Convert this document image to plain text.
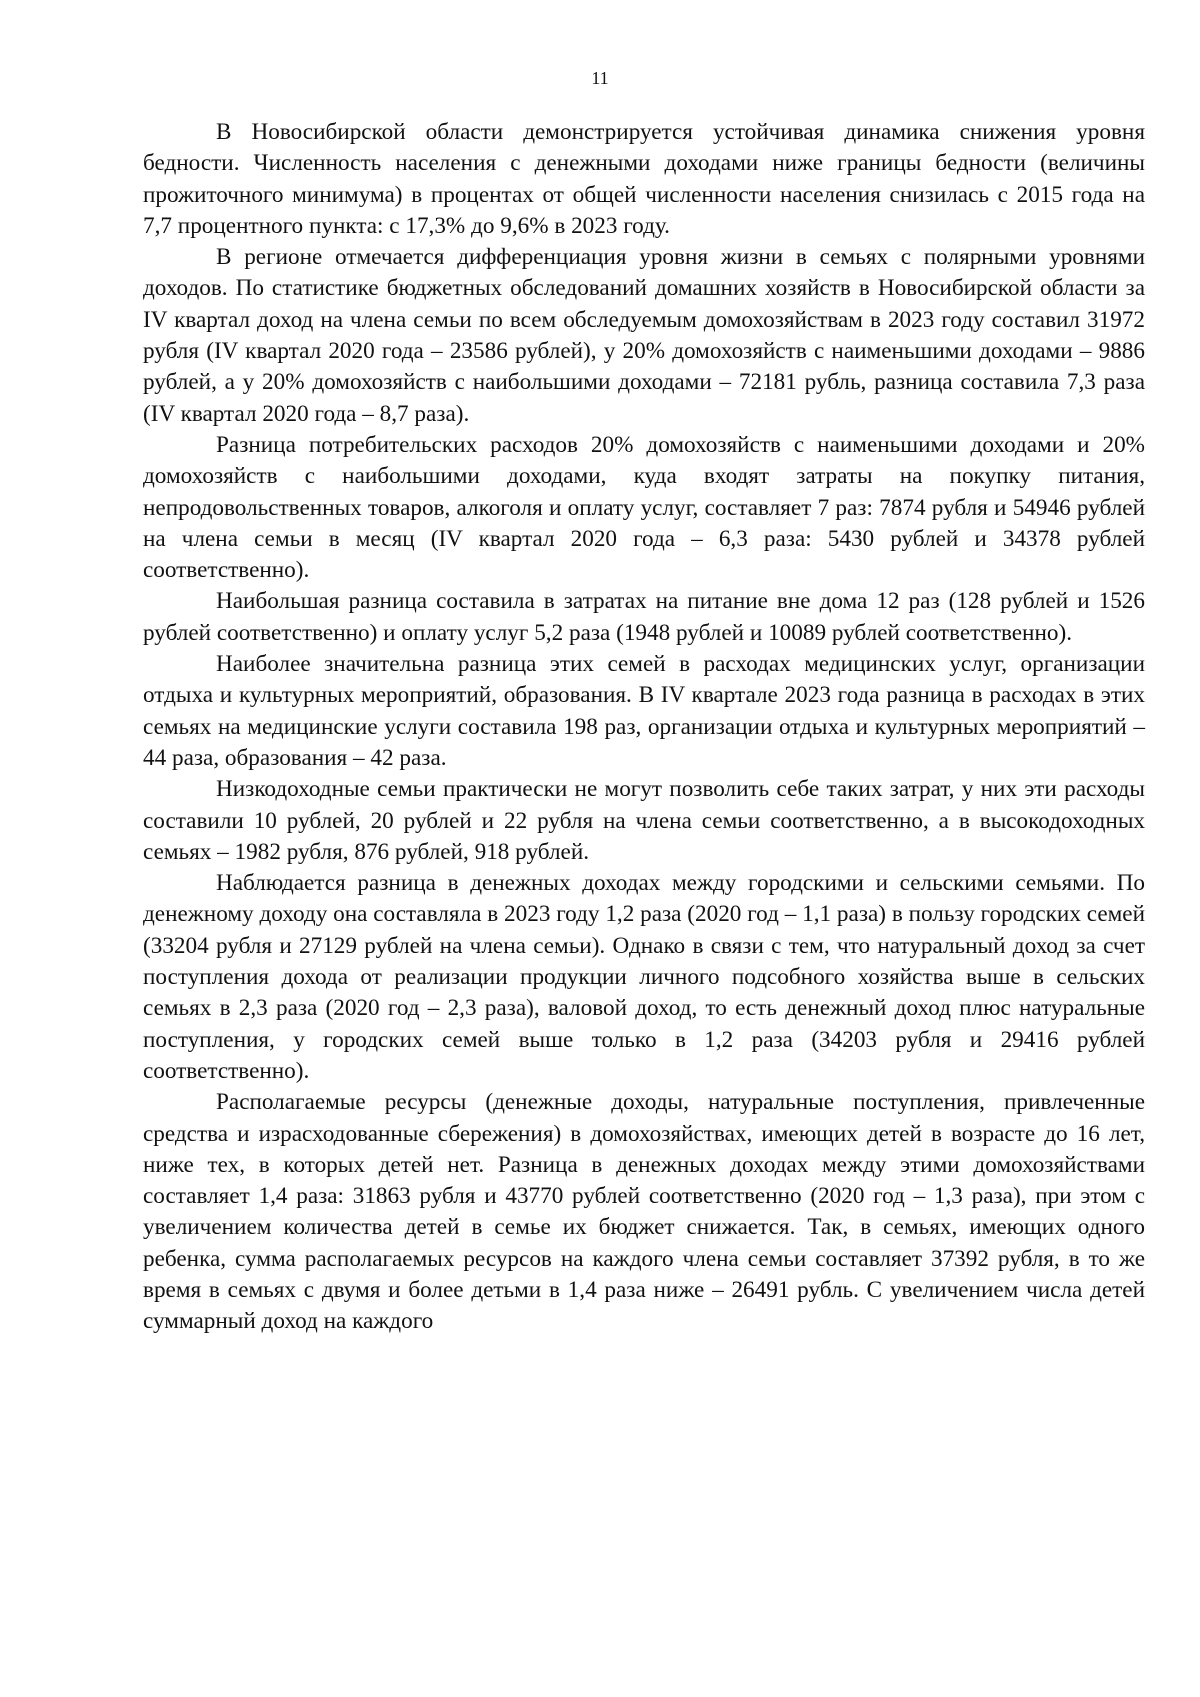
11

В Новосибирской области демонстрируется устойчивая динамика снижения уровня бедности. Численность населения с денежными доходами ниже границы бедности (величины прожиточного минимума) в процентах от общей численности населения снизилась с 2015 года на 7,7 процентного пункта: с 17,3% до 9,6% в 2023 году.

В регионе отмечается дифференциация уровня жизни в семьях с полярными уровнями доходов. По статистике бюджетных обследований домашних хозяйств в Новосибирской области за IV квартал доход на члена семьи по всем обследуемым домохозяйствам в 2023 году составил 31972 рубля (IV квартал 2020 года – 23586 рублей), у 20% домохозяйств с наименьшими доходами – 9886 рублей, а у 20% домохозяйств с наибольшими доходами – 72181 рубль, разница составила 7,3 раза (IV квартал 2020 года – 8,7 раза).

Разница потребительских расходов 20% домохозяйств с наименьшими доходами и 20% домохозяйств с наибольшими доходами, куда входят затраты на покупку питания, непродовольственных товаров, алкоголя и оплату услуг, составляет 7 раз: 7874 рубля и 54946 рублей на члена семьи в месяц (IV квартал 2020 года – 6,3 раза: 5430 рублей и 34378 рублей соответственно).

Наибольшая разница составила в затратах на питание вне дома 12 раз (128 рублей и 1526 рублей соответственно) и оплату услуг 5,2 раза (1948 рублей и 10089 рублей соответственно).

Наиболее значительна разница этих семей в расходах медицинских услуг, организации отдыха и культурных мероприятий, образования. В IV квартале 2023 года разница в расходах в этих семьях на медицинские услуги составила 198 раз, организации отдыха и культурных мероприятий – 44 раза, образования – 42 раза.

Низкодоходные семьи практически не могут позволить себе таких затрат, у них эти расходы составили 10 рублей, 20 рублей и 22 рубля на члена семьи соответственно, а в высокодоходных семьях – 1982 рубля, 876 рублей, 918 рублей.

Наблюдается разница в денежных доходах между городскими и сельскими семьями. По денежному доходу она составляла в 2023 году 1,2 раза (2020 год – 1,1 раза) в пользу городских семей (33204 рубля и 27129 рублей на члена семьи). Однако в связи с тем, что натуральный доход за счет поступления дохода от реализации продукции личного подсобного хозяйства выше в сельских семьях в 2,3 раза (2020 год – 2,3 раза), валовой доход, то есть денежный доход плюс натуральные поступления, у городских семей выше только в 1,2 раза (34203 рубля и 29416 рублей соответственно).

Располагаемые ресурсы (денежные доходы, натуральные поступления, привлеченные средства и израсходованные сбережения) в домохозяйствах, имеющих детей в возрасте до 16 лет, ниже тех, в которых детей нет. Разница в денежных доходах между этими домохозяйствами составляет 1,4 раза: 31863 рубля и 43770 рублей соответственно (2020 год – 1,3 раза), при этом с увеличением количества детей в семье их бюджет снижается. Так, в семьях, имеющих одного ребенка, сумма располагаемых ресурсов на каждого члена семьи составляет 37392 рубля, в то же время в семьях с двумя и более детьми в 1,4 раза ниже – 26491 рубль. С увеличением числа детей суммарный доход на каждого
